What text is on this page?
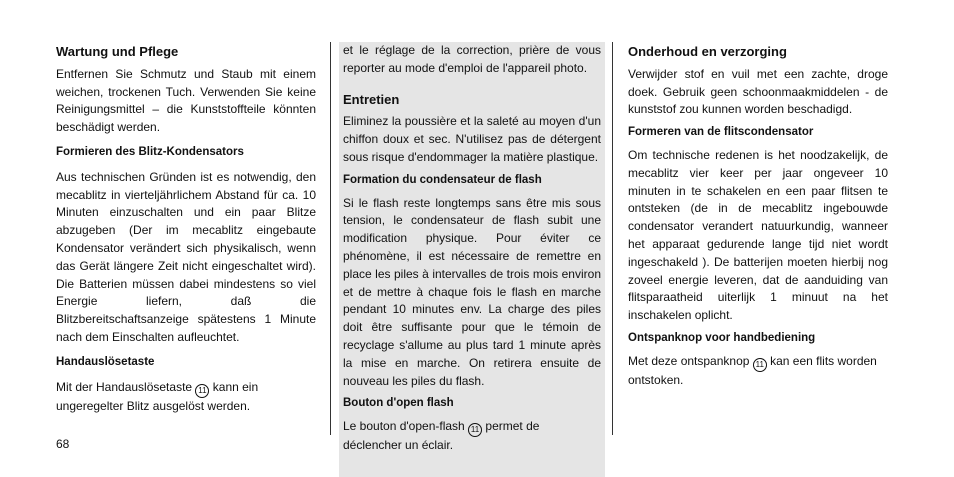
Wartung und Pflege

Entfernen Sie Schmutz und Staub mit einem weichen, trockenen Tuch. Verwenden Sie keine Reinigungsmittel – die Kunststoffteile könnten beschädigt werden.

Formieren des Blitz-Kondensators

Aus technischen Gründen ist es notwendig, den mecablitz in vierteljährlichem Abstand für ca. 10 Minuten einzuschalten und ein paar Blitze abzugeben (Der im mecablitz eingebaute Kondensator verändert sich physikalisch, wenn das Gerät längere Zeit nicht eingeschaltet wird). Die Batterien müssen dabei mindestens so viel Energie liefern, daß die Blitzbereitschaftsanzeige spätestens 1 Minute nach dem Einschalten aufleuchtet.

Handauslösetaste

Mit der Handauslösetaste 11 kann ein ungeregelter Blitz ausgelöst werden.

et le réglage de la correction, prière de vous reporter au mode d'emploi de l'appareil photo.

Entretien

Eliminez la poussière et la saleté au moyen d'un chiffon doux et sec. N'utilisez pas de détergent sous risque d'endommager la matière plastique.

Formation du condensateur de flash

Si le flash reste longtemps sans être mis sous tension, le condensateur de flash subit une modification physique. Pour éviter ce phénomène, il est nécessaire de remettre en place les piles à intervalles de trois mois environ et de mettre à chaque fois le flash en marche pendant 10 minutes env. La charge des piles doit être suffisante pour que le témoin de recyclage s'allume au plus tard 1 minute après la mise en marche. On retirera ensuite de nouveau les piles du flash.

Bouton d'open flash

Le bouton d'open-flash 11 permet de déclencher un éclair.

Onderhoud en verzorging

Verwijder stof en vuil met een zachte, droge doek. Gebruik geen schoonmaakmiddelen - de kunststof zou kunnen worden beschadigd.

Formeren van de flitscondensator

Om technische redenen is het noodzakelijk, de mecablitz vier keer per jaar ongeveer 10 minuten in te schakelen en een paar flitsen te ontsteken (de in de mecablitz ingebouwde condensator verandert natuurkundig, wanneer het apparaat gedurende lange tijd niet wordt ingeschakeld ). De batterijen moeten hierbij nog zoveel energie leveren, dat de aanduiding van flitsparaatheid uiterlijk 1 minuut na het inschakelen oplicht.

Ontspanknop voor handbediening

Met deze ontspanknop 11 kan een flits worden ontstoken.

68
